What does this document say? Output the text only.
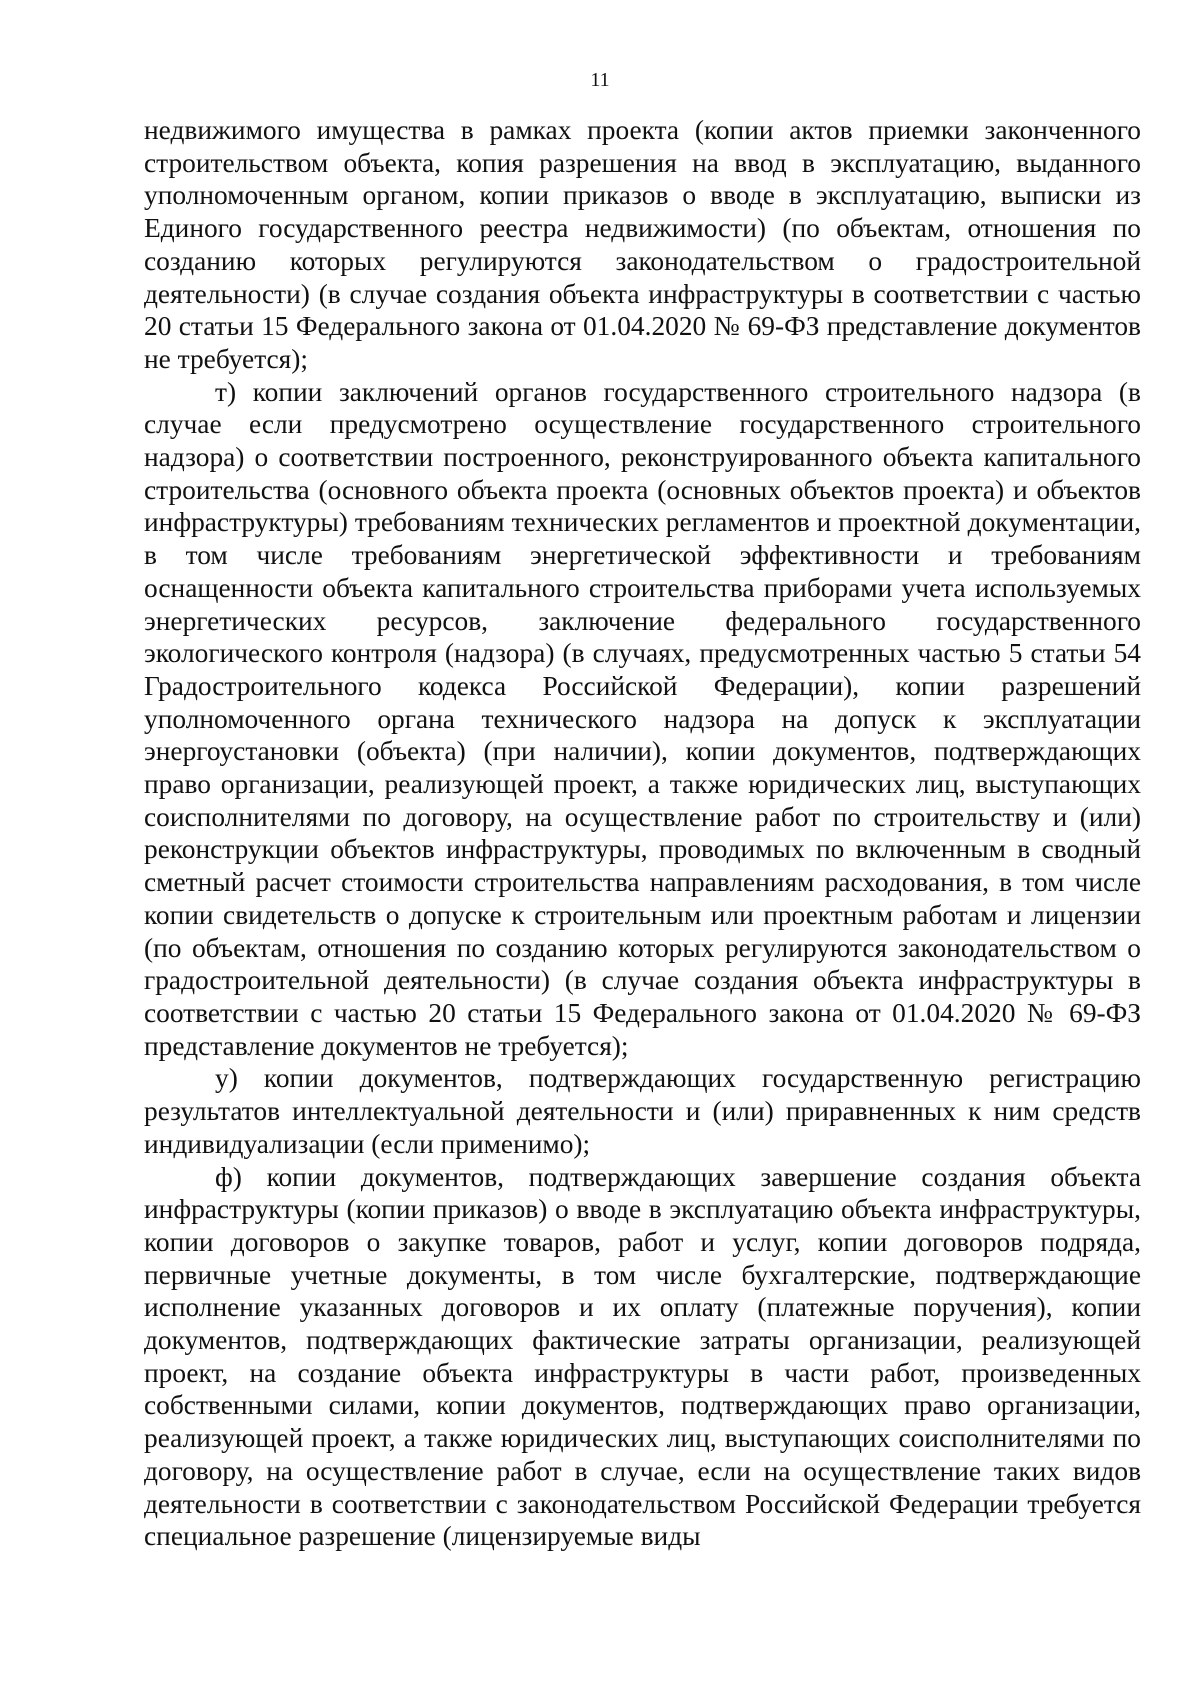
11

недвижимого имущества в рамках проекта (копии актов приемки законченного строительством объекта, копия разрешения на ввод в эксплуатацию, выданного уполномоченным органом, копии приказов о вводе в эксплуатацию, выписки из Единого государственного реестра недвижимости) (по объектам, отношения по созданию которых регулируются законодательством о градостроительной деятельности) (в случае создания объекта инфраструктуры в соответствии с частью 20 статьи 15 Федерального закона от 01.04.2020 № 69-ФЗ представление документов не требуется);

т) копии заключений органов государственного строительного надзора (в случае если предусмотрено осуществление государственного строительного надзора) о соответствии построенного, реконструированного объекта капитального строительства (основного объекта проекта (основных объектов проекта) и объектов инфраструктуры) требованиям технических регламентов и проектной документации, в том числе требованиям энергетической эффективности и требованиям оснащенности объекта капитального строительства приборами учета используемых энергетических ресурсов, заключение федерального государственного экологического контроля (надзора) (в случаях, предусмотренных частью 5 статьи 54 Градостроительного кодекса Российской Федерации), копии разрешений уполномоченного органа технического надзора на допуск к эксплуатации энергоустановки (объекта) (при наличии), копии документов, подтверждающих право организации, реализующей проект, а также юридических лиц, выступающих соисполнителями по договору, на осуществление работ по строительству и (или) реконструкции объектов инфраструктуры, проводимых по включенным в сводный сметный расчет стоимости строительства направлениям расходования, в том числе копии свидетельств о допуске к строительным или проектным работам и лицензии (по объектам, отношения по созданию которых регулируются законодательством о градостроительной деятельности) (в случае создания объекта инфраструктуры в соответствии с частью 20 статьи 15 Федерального закона от 01.04.2020 № 69-ФЗ представление документов не требуется);

у) копии документов, подтверждающих государственную регистрацию результатов интеллектуальной деятельности и (или) приравненных к ним средств индивидуализации (если применимо);

ф) копии документов, подтверждающих завершение создания объекта инфраструктуры (копии приказов) о вводе в эксплуатацию объекта инфраструктуры, копии договоров о закупке товаров, работ и услуг, копии договоров подряда, первичные учетные документы, в том числе бухгалтерские, подтверждающие исполнение указанных договоров и их оплату (платежные поручения), копии документов, подтверждающих фактические затраты организации, реализующей проект, на создание объекта инфраструктуры в части работ, произведенных собственными силами, копии документов, подтверждающих право организации, реализующей проект, а также юридических лиц, выступающих соисполнителями по договору, на осуществление работ в случае, если на осуществление таких видов деятельности в соответствии с законодательством Российской Федерации требуется специальное разрешение (лицензируемые виды
